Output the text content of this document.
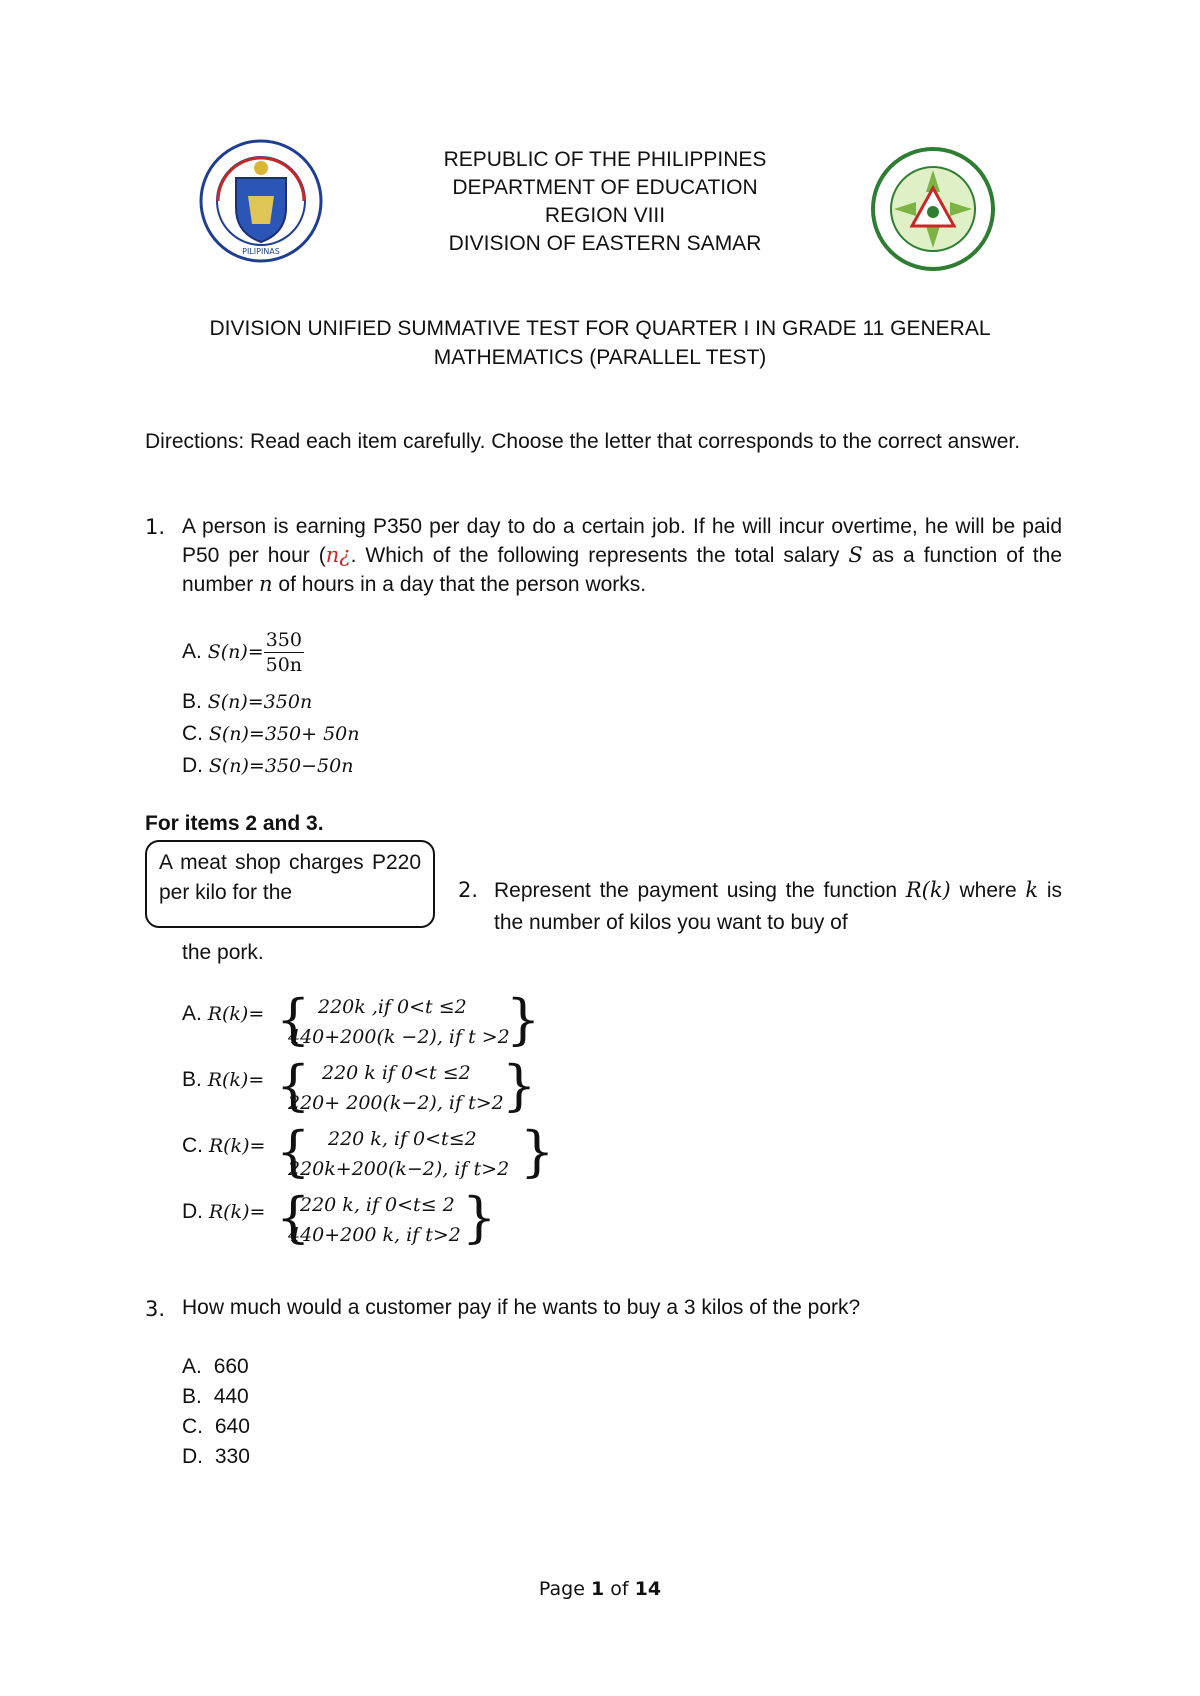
PILIPINAS
REPUBLIC OF THE PHILIPPINES
DEPARTMENT OF EDUCATION
REGION VIII
DIVISION OF EASTERN SAMAR
DIVISION UNIFIED SUMMATIVE TEST FOR QUARTER I IN GRADE 11 GENERAL
MATHEMATICS (PARALLEL TEST)
Directions: Read each item carefully. Choose the letter that corresponds to the correct answer.
1. A person is earning P350 per day to do a certain job. If he will incur overtime, he will be paid P50 per hour (n¿. Which of the following represents the total salary S as a function of the number n of hours in a day that the person works.
A. $S(n)= \frac{350}{50n}$
B. S(n)=350n
C. S(n)=350+ 50n
D. S(n)=350−50n
For items 2 and 3.
A meat shop charges P220 per kilo for the	2. Represent the payment using the function R(k) where k is the number of kilos you want to buy of
the pork.
A. R(k)= { 220k ,if 0<t ≤2
440+200(k −2), if t >2
}
B. R(k)= { 220 k if 0<t ≤2
220+ 200(k−2), if t>2
}
C. R(k)= { 220 k, if 0<t≤2
220k+200(k−2), if t>2 }
D. R(k)= {
220 k, if 0<t≤ 2
440+200 k, if t>2 }
3. How much would a customer pay if he wants to buy a 3 kilos of the pork?
A. 660
B. 440
C. 640
D. 330
Page 1 of 14
